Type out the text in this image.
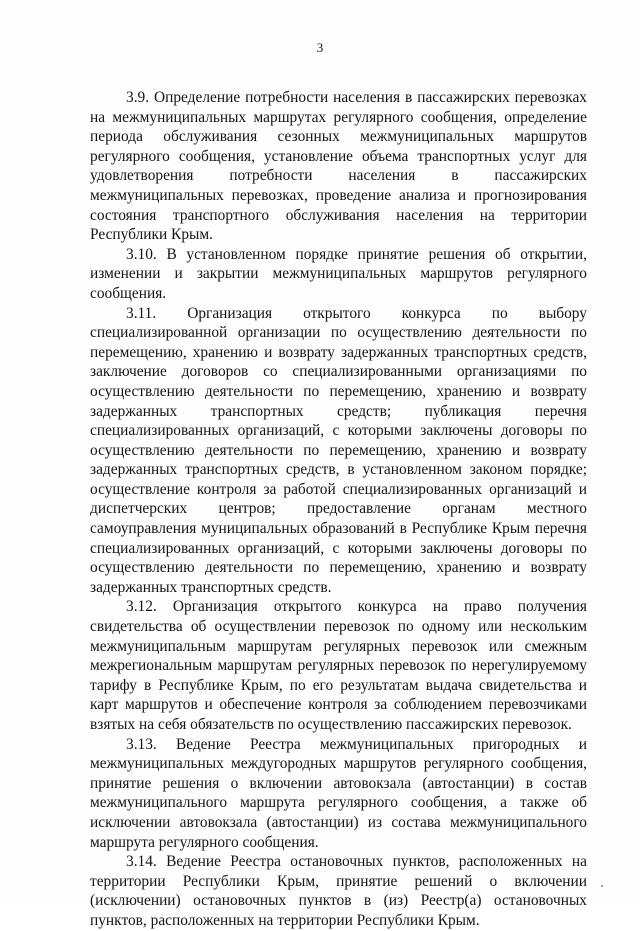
3

3.9. Определение потребности населения в пассажирских перевозках на межмуниципальных маршрутах регулярного сообщения, определение периода обслуживания сезонных межмуниципальных маршрутов регулярного сообщения, установление объема транспортных услуг для удовлетворения потребности населения в пассажирских межмуниципальных перевозках, проведение анализа и прогнозирования состояния транспортного обслуживания населения на территории Республики Крым.

3.10. В установленном порядке принятие решения об открытии, изменении и закрытии межмуниципальных маршрутов регулярного сообщения.

3.11. Организация открытого конкурса по выбору специализированной организации по осуществлению деятельности по перемещению, хранению и возврату задержанных транспортных средств, заключение договоров со специализированными организациями по осуществлению деятельности по перемещению, хранению и возврату задержанных транспортных средств; публикация перечня специализированных организаций, с которыми заключены договоры по осуществлению деятельности по перемещению, хранению и возврату задержанных транспортных средств, в установленном законом порядке; осуществление контроля за работой специализированных организаций и диспетчерских центров; предоставление органам местного самоуправления муниципальных образований в Республике Крым перечня специализированных организаций, с которыми заключены договоры по осуществлению деятельности по перемещению, хранению и возврату задержанных транспортных средств.

3.12. Организация открытого конкурса на право получения свидетельства об осуществлении перевозок по одному или нескольким межмуниципальным маршрутам регулярных перевозок или смежным межрегиональным маршрутам регулярных перевозок по нерегулируемому тарифу в Республике Крым, по его результатам выдача свидетельства и карт маршрутов и обеспечение контроля за соблюдением перевозчиками взятых на себя обязательств по осуществлению пассажирских перевозок.

3.13. Ведение Реестра межмуниципальных пригородных и межмуниципальных междугородных маршрутов регулярного сообщения, принятие решения о включении автовокзала (автостанции) в состав межмуниципального маршрута регулярного сообщения, а также об исключении автовокзала (автостанции) из состава межмуниципального маршрута регулярного сообщения.

3.14. Ведение Реестра остановочных пунктов, расположенных на территории Республики Крым, принятие решений о включении (исключении) остановочных пунктов в (из) Реестр(а) остановочных пунктов, расположенных на территории Республики Крым.
